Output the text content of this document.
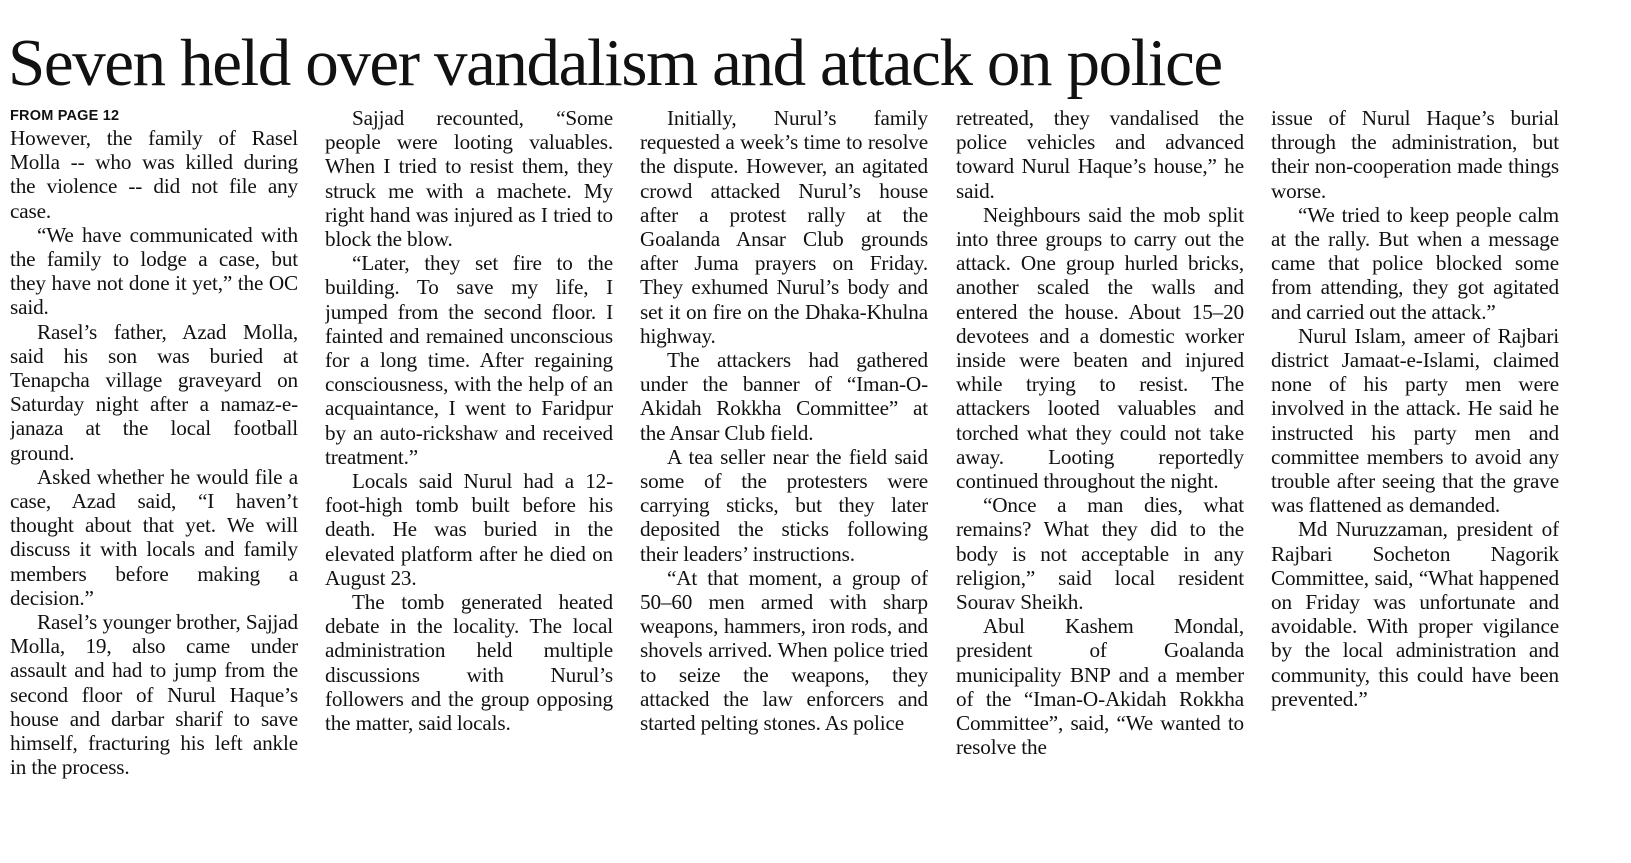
Seven held over vandalism and attack on police
FROM PAGE 12

However, the family of Rasel Molla -- who was killed during the violence -- did not file any case.

“We have communicated with the family to lodge a case, but they have not done it yet,” the OC said.

Rasel’s father, Azad Molla, said his son was buried at Tenapcha village graveyard on Saturday night after a namaz-e-janaza at the local football ground.

Asked whether he would file a case, Azad said, “I haven’t thought about that yet. We will discuss it with locals and family members before making a decision.”

Rasel’s younger brother, Sajjad Molla, 19, also came under assault and had to jump from the second floor of Nurul Haque’s house and darbar sharif to save himself, fracturing his left ankle in the process.

Sajjad recounted, “Some people were looting valuables. When I tried to resist them, they struck me with a machete. My right hand was injured as I tried to block the blow.

“Later, they set fire to the building. To save my life, I jumped from the second floor. I fainted and remained unconscious for a long time. After regaining consciousness, with the help of an acquaintance, I went to Faridpur by an auto-rickshaw and received treatment.”

Locals said Nurul had a 12-foot-high tomb built before his death. He was buried in the elevated platform after he died on August 23.

The tomb generated heated debate in the locality. The local administration held multiple discussions with Nurul’s followers and the group opposing the matter, said locals.

Initially, Nurul’s family requested a week’s time to resolve the dispute. However, an agitated crowd attacked Nurul’s house after a protest rally at the Goalanda Ansar Club grounds after Juma prayers on Friday. They exhumed Nurul’s body and set it on fire on the Dhaka-Khulna highway.

The attackers had gathered under the banner of “Iman-O-Akidah Rokkha Committee” at the Ansar Club field.

A tea seller near the field said some of the protesters were carrying sticks, but they later deposited the sticks following their leaders’ instructions.

“At that moment, a group of 50–60 men armed with sharp weapons, hammers, iron rods, and shovels arrived. When police tried to seize the weapons, they attacked the law enforcers and started pelting stones. As police

retreated, they vandalised the police vehicles and advanced toward Nurul Haque’s house,” he said.

Neighbours said the mob split into three groups to carry out the attack. One group hurled bricks, another scaled the walls and entered the house. About 15–20 devotees and a domestic worker inside were beaten and injured while trying to resist. The attackers looted valuables and torched what they could not take away. Looting reportedly continued throughout the night.

“Once a man dies, what remains? What they did to the body is not acceptable in any religion,” said local resident Sourav Sheikh.

Abul Kashem Mondal, president of Goalanda municipality BNP and a member of the “Iman-O-Akidah Rokkha Committee”, said, “We wanted to resolve the

issue of Nurul Haque’s burial through the administration, but their non-cooperation made things worse.

“We tried to keep people calm at the rally. But when a message came that police blocked some from attending, they got agitated and carried out the attack.”

Nurul Islam, ameer of Rajbari district Jamaat-e-Islami, claimed none of his party men were involved in the attack. He said he instructed his party men and committee members to avoid any trouble after seeing that the grave was flattened as demanded.

Md Nuruzzaman, president of Rajbari Socheton Nagorik Committee, said, “What happened on Friday was unfortunate and avoidable. With proper vigilance by the local administration and community, this could have been prevented.”
